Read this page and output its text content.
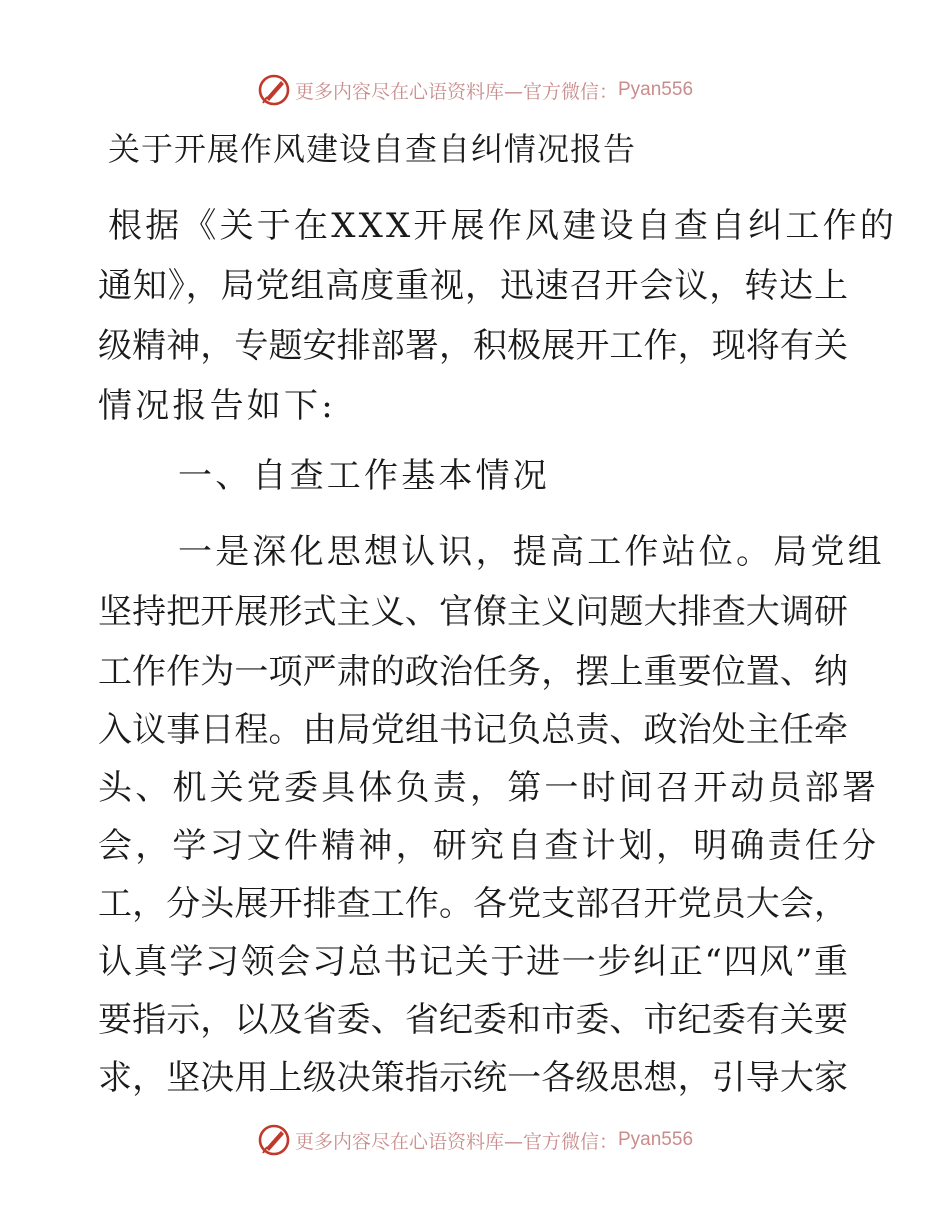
更多内容尽在心语资料库—官方微信： Pyan556
关于开展作风建设自查自纠情况报告

根据《关于在XXX开展作风建设自查自纠工作的

通知》，局党组高度重视，迅速召开会议，转达上

级精神，专题安排部署，积极展开工作，现将有关

情况报告如下:

一、自查工作基本情况

一是深化思想认识，提高工作站位。局党组

坚持把开展形式主义、官僚主义问题大排查大调研

工作作为一项严肃的政治任务，摆上重要位置、纳

入议事日程。由局党组书记负总责、政治处主任牵

头、机关党委具体负责，第一时间召开动员部署

会，学习文件精神，研究自查计划，明确责任分

工，分头展开排查工作。各党支部召开党员大会，

认真学习领会习总书记关于进一步纠正“四风”重

要指示，以及省委、省纪委和市委、市纪委有关要

求，坚决用上级决策指示统一各级思想，引导大家

更多内容尽在心语资料库—官方微信： Pyan556
